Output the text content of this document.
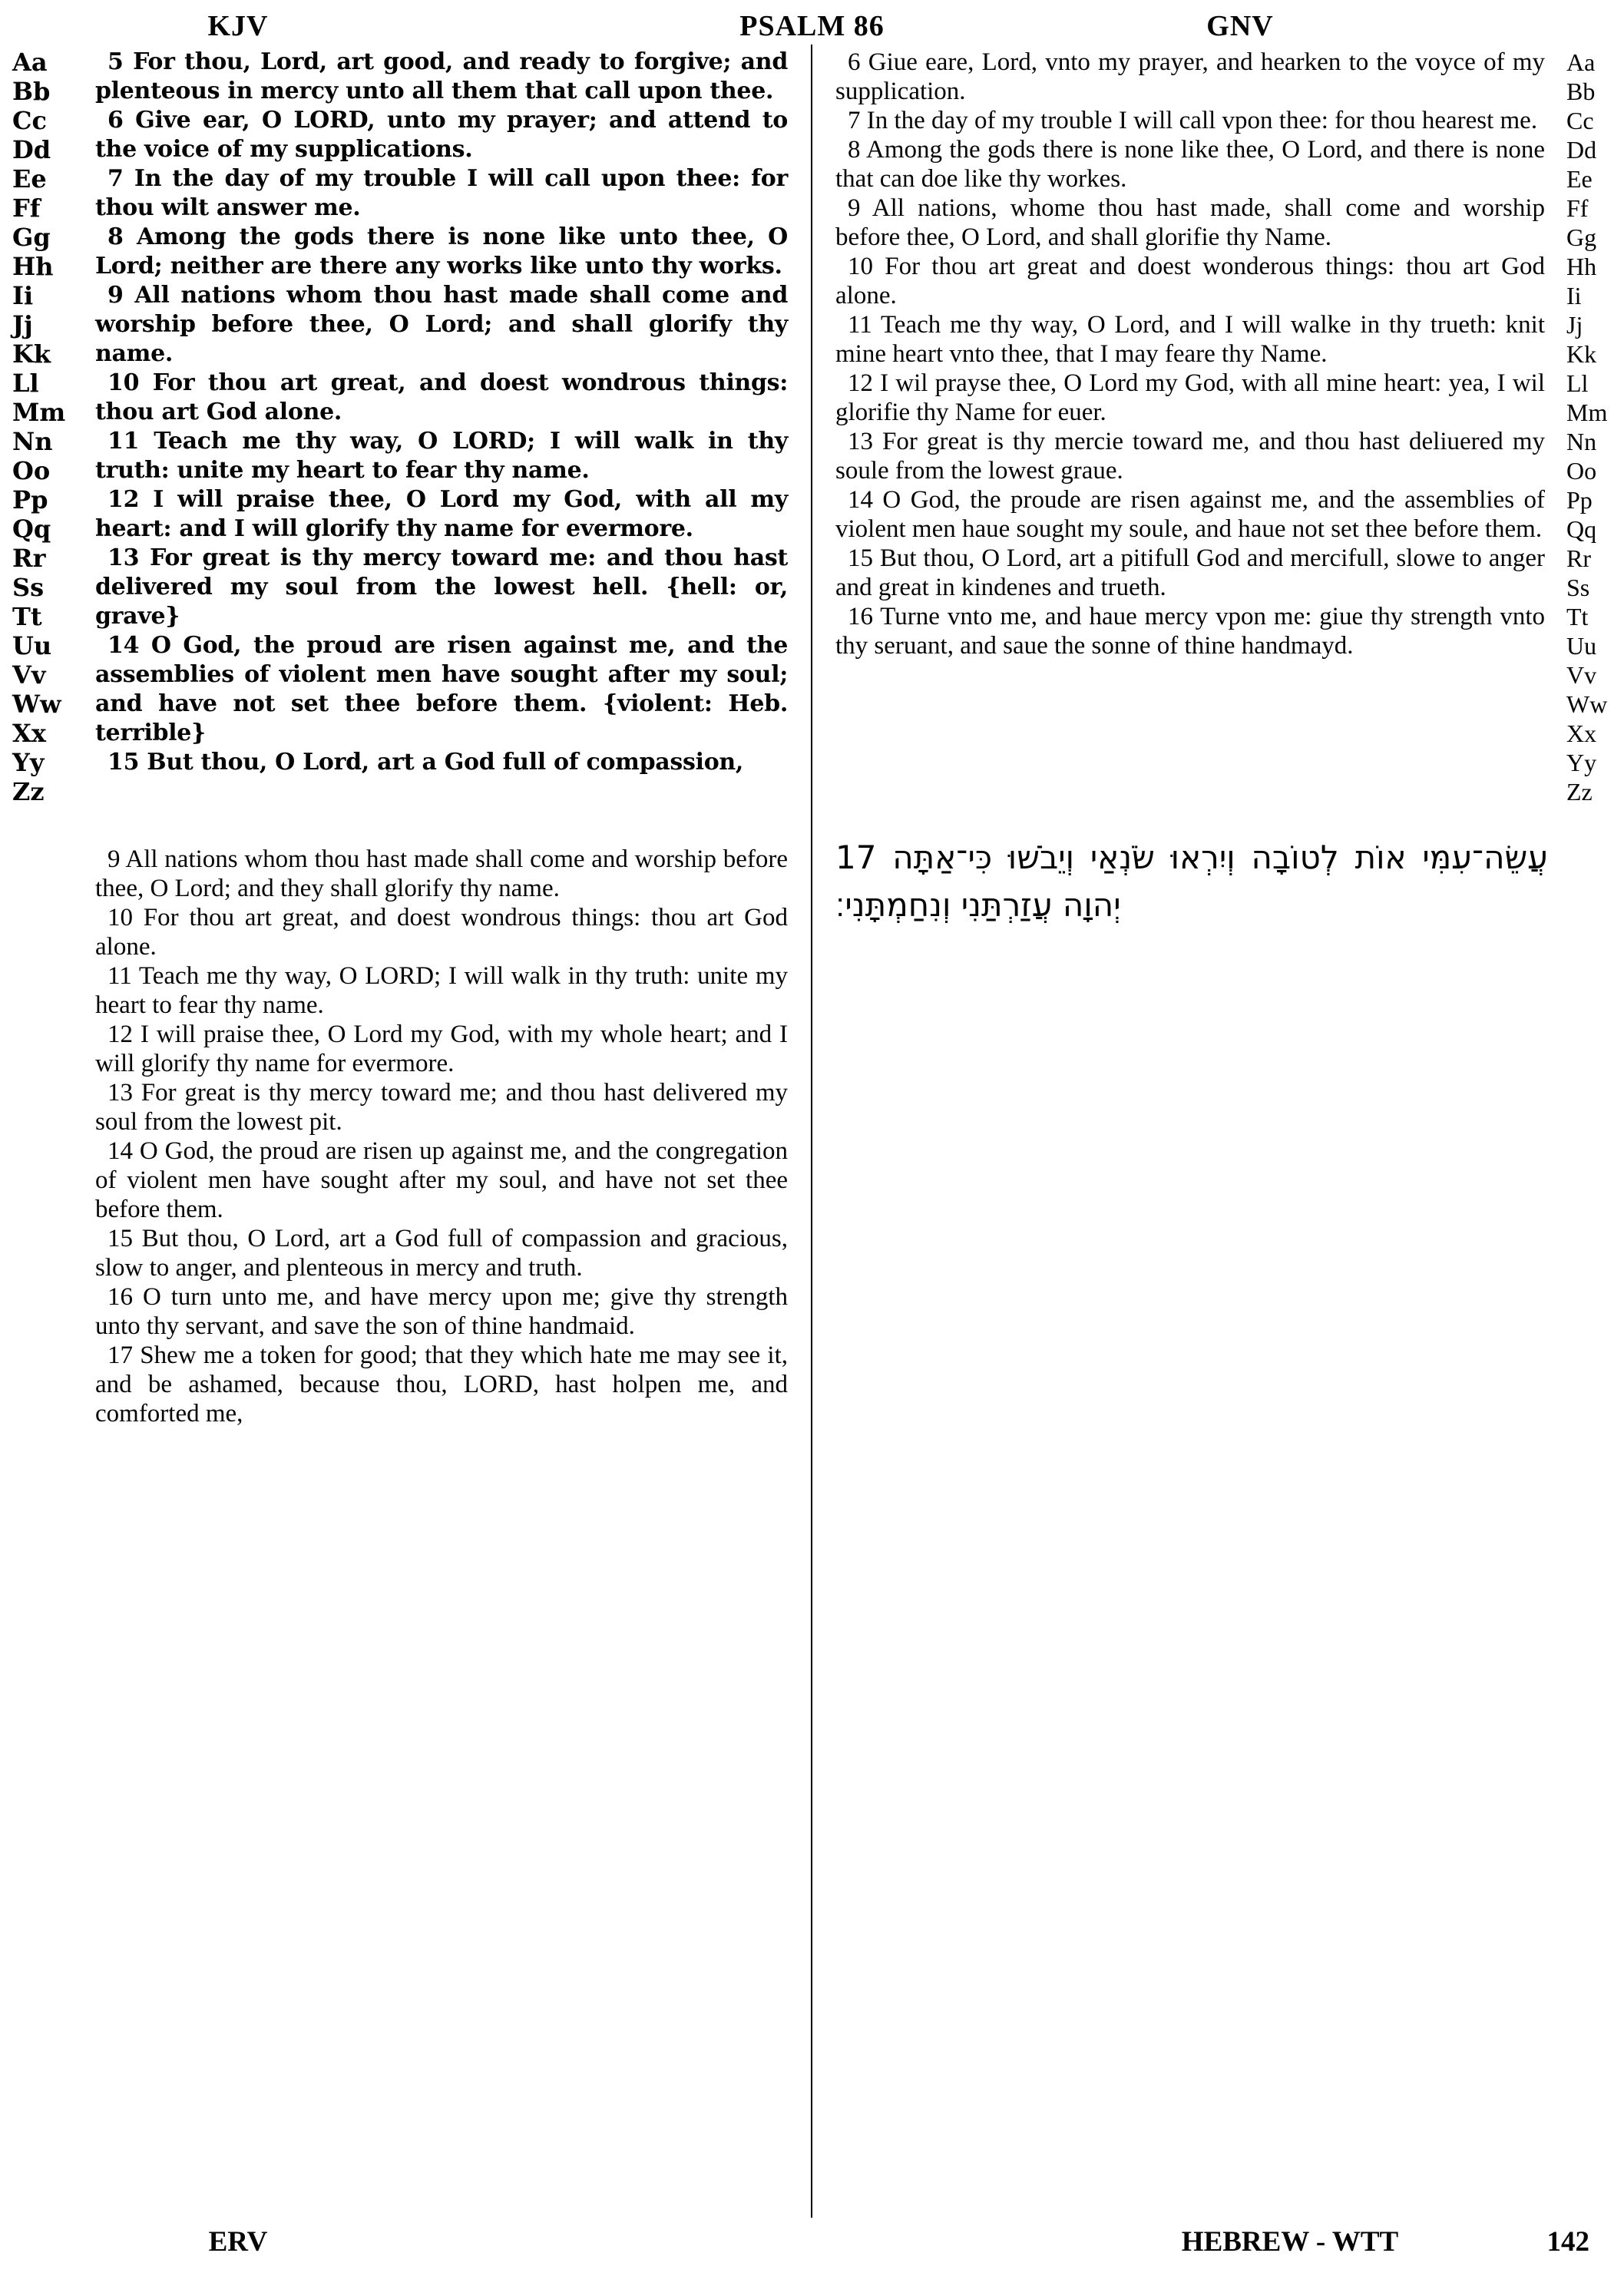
KJV	PSALM 86	GNV
Aa
Bb
Cc
Dd
Ee
Ff
Gg
Hh
Ii
Jj
Kk
Ll
Mm
Nn
Oo
Pp
Qq
Rr
Ss
Tt
Uu
Vv
Ww
Xx
Yy
Zz

5 For thou, Lord, art good, and ready to forgive; and plenteous in mercy unto all them that call upon thee.

6 Give ear, O LORD, unto my prayer; and attend to the voice of my supplications.

7 In the day of my trouble I will call upon thee: for thou wilt answer me.

8 Among the gods there is none like unto thee, O Lord; neither are there any works like unto thy works.

9 All nations whom thou hast made shall come and worship before thee, O Lord; and shall glorify thy name.

10 For thou art great, and doest wondrous things: thou art God alone.

11 Teach me thy way, O LORD; I will walk in thy truth: unite my heart to fear thy name.

12 I will praise thee, O Lord my God, with all my heart: and I will glorify thy name for evermore.

13 For great is thy mercy toward me: and thou hast delivered my soul from the lowest hell. {hell: or, grave}

14 O God, the proud are risen against me, and the assemblies of violent men have sought after my soul; and have not set thee before them. {violent: Heb. terrible}

15 But thou, O Lord, art a God full of compassion,

6 Giue eare, Lord, vnto my prayer, and hearken to the voyce of my supplication.

7 In the day of my trouble I will call vpon thee: for thou hearest me.

8 Among the gods there is none like thee, O Lord, and there is none that can doe like thy workes.

9 All nations, whome thou hast made, shall come and worship before thee, O Lord, and shall glorifie thy Name.

10 For thou art great and doest wonderous things: thou art God alone.

11 Teach me thy way, O Lord, and I will walke in thy trueth: knit mine heart vnto thee, that I may feare thy Name.

12 I wil prayse thee, O Lord my God, with all mine heart: yea, I wil glorifie thy Name for euer.

13 For great is thy mercie toward me, and thou hast deliuered my soule from the lowest graue.

14 O God, the proude are risen against me, and the assemblies of violent men haue sought my soule, and haue not set thee before them.

15 But thou, O Lord, art a pitifull God and mercifull, slowe to anger and great in kindenes and trueth.

16 Turne vnto me, and haue mercy vpon me: giue thy strength vnto thy seruant, and saue the sonne of thine handmayd.

Aa
Bb
Cc
Dd
Ee
Ff
Gg
Hh
Ii
Jj
Kk
Ll
Mm
Nn
Oo
Pp
Qq
Rr
Ss
Tt
Uu
Vv
Ww
Xx
Yy
Zz

9 All nations whom thou hast made shall come and worship before thee, O Lord; and they shall glorify thy name.

10 For thou art great, and doest wondrous things: thou art God alone.

11 Teach me thy way, O LORD; I will walk in thy truth: unite my heart to fear thy name.

12 I will praise thee, O Lord my God, with my whole heart; and I will glorify thy name for evermore.

13 For great is thy mercy toward me; and thou hast delivered my soul from the lowest pit.

14 O God, the proud are risen up against me, and the congregation of violent men have sought after my soul, and have not set thee before them.

15 But thou, O Lord, art a God full of compassion and gracious, slow to anger, and plenteous in mercy and truth.

16 O turn unto me, and have mercy upon me; give thy strength unto thy servant, and save the son of thine handmaid.

17 Shew me a token for good; that they which hate me may see it, and be ashamed, because thou, LORD, hast holpen me, and comforted me,

17 עֲשֵׂה־עִמִּי אוֹת לְטוֹבָה וְיִרְאוּ שֹׂנְאַי וְיֵבֹשׁוּ כִּי־אַתָּה יְהוָה עֲזַרְתַּנִי וְנִחַמְתָּנִי׃

ERV	HEBREW - WTT	142
